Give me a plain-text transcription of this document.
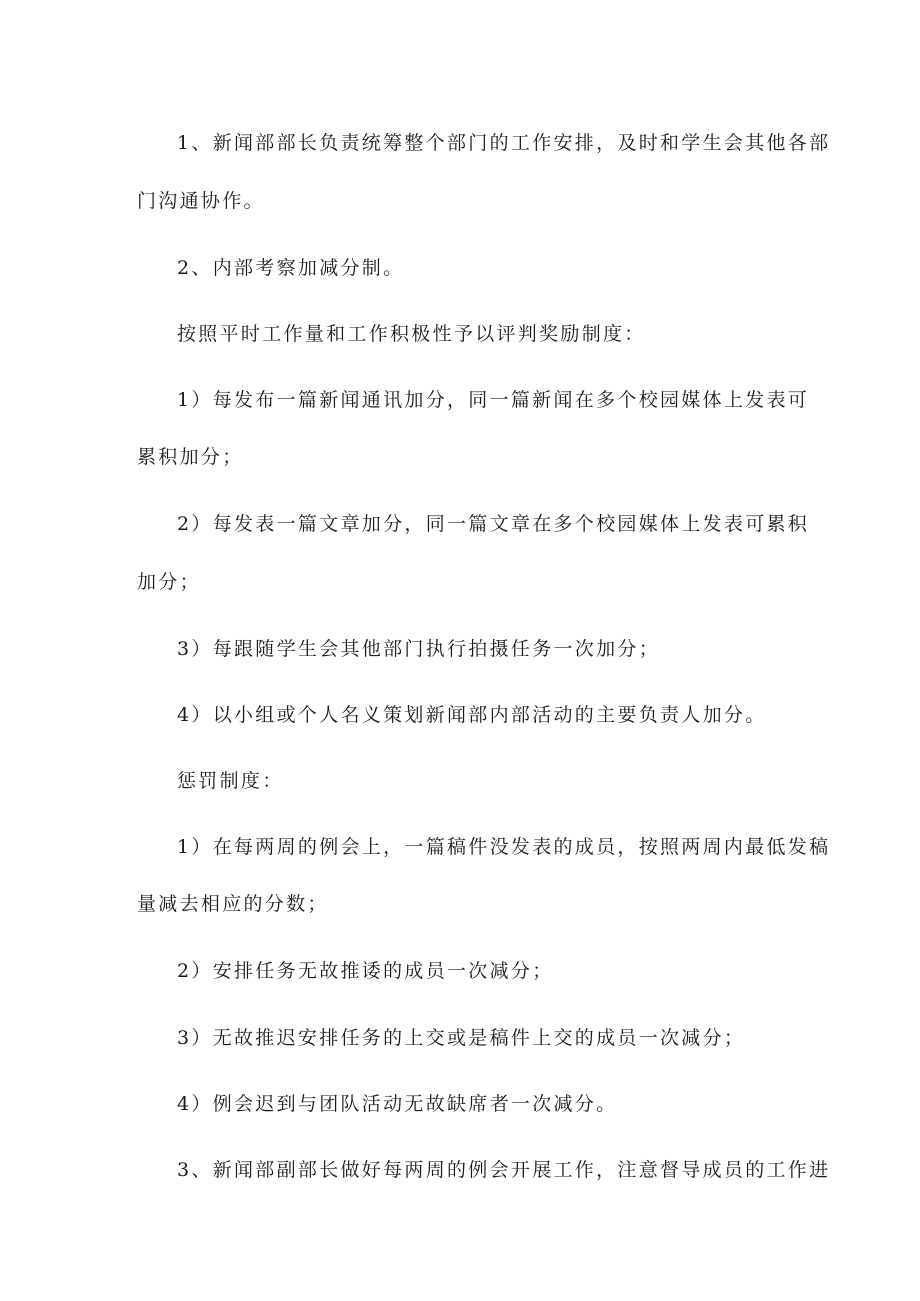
1、新闻部部长负责统筹整个部门的工作安排，及时和学生会其他各部
门沟通协作。
2、内部考察加减分制。
按照平时工作量和工作积极性予以评判奖励制度：
1）每发布一篇新闻通讯加分，同一篇新闻在多个校园媒体上发表可
累积加分；
2）每发表一篇文章加分，同一篇文章在多个校园媒体上发表可累积
加分；
3）每跟随学生会其他部门执行拍摄任务一次加分；
4）以小组或个人名义策划新闻部内部活动的主要负责人加分。
惩罚制度：
1）在每两周的例会上，一篇稿件没发表的成员，按照两周内最低发稿
量减去相应的分数；
2）安排任务无故推诿的成员一次减分；
3）无故推迟安排任务的上交或是稿件上交的成员一次减分；
4）例会迟到与团队活动无故缺席者一次减分。
3、新闻部副部长做好每两周的例会开展工作，注意督导成员的工作进
